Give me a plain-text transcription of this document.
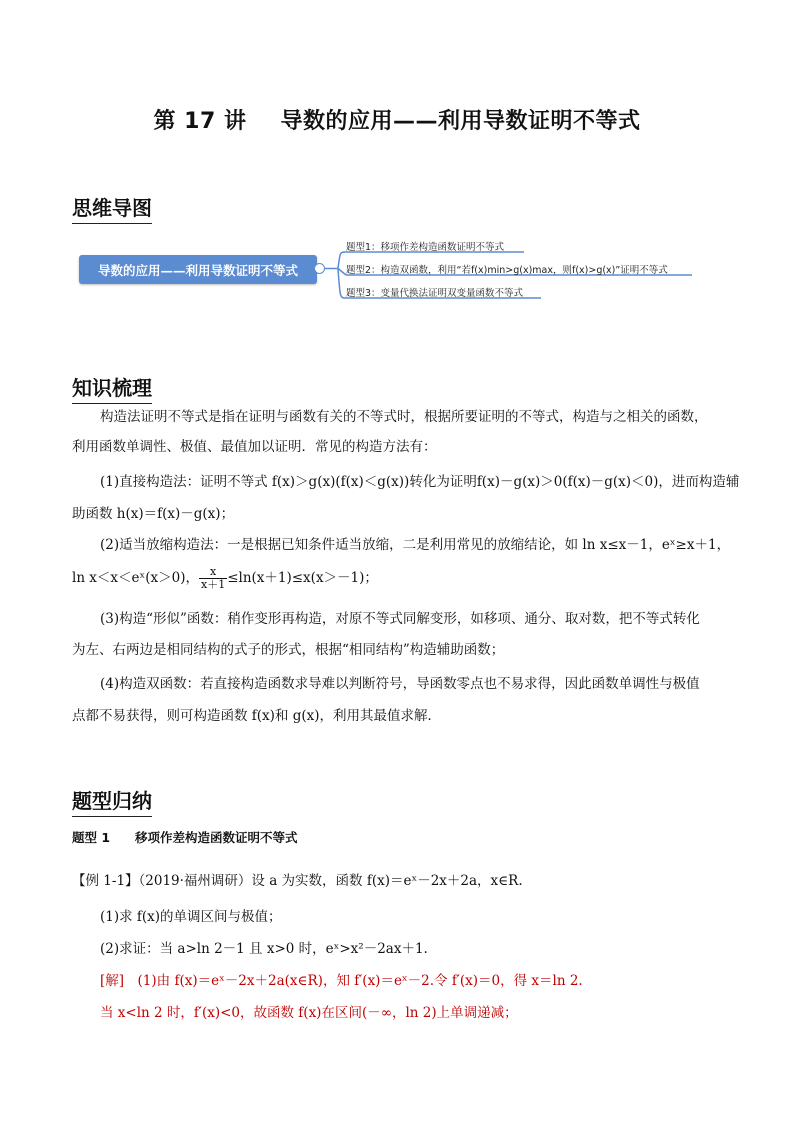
第 17 讲 导数的应用——利用导数证明不等式
思维导图
导数的应用——利用导数证明不等式
题型1：移项作差构造函数证明不等式
题型2：构造双函数，利用“若f(x)min>g(x)max，则f(x)>g(x)”证明不等式
题型3：变量代换法证明双变量函数不等式
知识梳理
构造法证明不等式是指在证明与函数有关的不等式时，根据所要证明的不等式，构造与之相关的函数，
利用函数单调性、极值、最值加以证明．常见的构造方法有：
(1)直接构造法：证明不等式 f(x)＞g(x)(f(x)＜g(x))转化为证明f(x)－g(x)＞0(f(x)－g(x)＜0)，进而构造辅
助函数 h(x)＝f(x)－g(x)；
(2)适当放缩构造法：一是根据已知条件适当放缩，二是利用常见的放缩结论，如 ln x≤x－1，eˣ≥x＋1，
ln x＜x＜eˣ(x＞0)， $\frac{x}{x+1} \le\ln(x+1)\le x(x>-1)$；
(3)构造“形似”函数：稍作变形再构造，对原不等式同解变形，如移项、通分、取对数，把不等式转化
为左、右两边是相同结构的式子的形式，根据“相同结构”构造辅助函数；
(4)构造双函数：若直接构造函数求导难以判断符号，导函数零点也不易求得，因此函数单调性与极值
点都不易获得，则可构造函数 f(x)和 g(x)，利用其最值求解．
题型归纳
题型 1　　移项作差构造函数证明不等式
【例 1-1】（2019·福州调研）设 a 为实数，函数 f(x)＝eˣ－2x＋2a，x∈R.
(1)求 f(x)的单调区间与极值；
(2)求证：当 a>ln 2－1 且 x>0 时，eˣ>x²－2ax＋1.
[解]　(1)由 f(x)＝eˣ－2x＋2a(x∈R)，知 f′(x)＝eˣ－2.令 f′(x)＝0，得 x＝ln 2.
当 x<ln 2 时，f′(x)<0，故函数 f(x)在区间(－∞，ln 2)上单调递减；
